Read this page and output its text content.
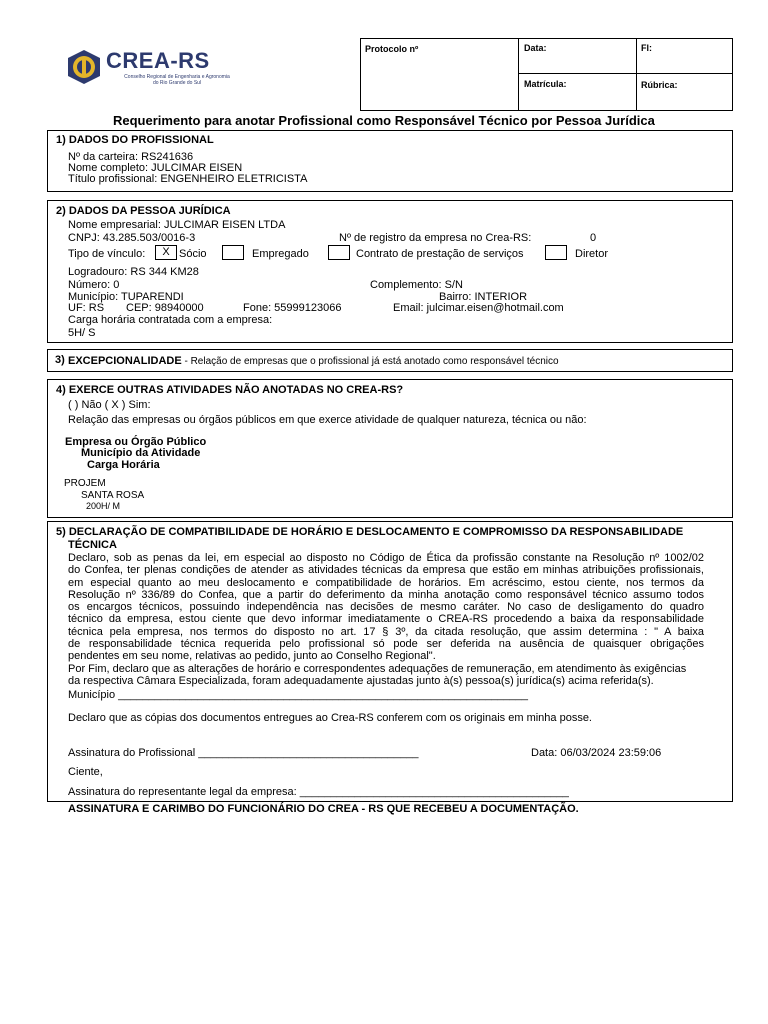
CREA-RS
Conselho Regional de Engenharia e Agronomia
do Rio Grande do Sul
Protocolo nº	Data:	Fl:
Matrícula:	Rúbrica:
Requerimento para anotar Profissional como Responsável Técnico por Pessoa Jurídica
1) DADOS DO PROFISSIONAL
Nº da carteira: RS241636
Nome completo: JULCIMAR EISEN
Título profissional: ENGENHEIRO ELETRICISTA
2) DADOS DA PESSOA JURÍDICA
Nome empresarial: JULCIMAR EISEN LTDA
CNPJ: 43.285.503/0016-3	Nº de registro da empresa no Crea-RS:	0
Tipo de vínculo:	X Sócio	Empregado	Contrato de prestação de serviços	Diretor
Logradouro: RS 344 KM28
Número: 0	Complemento: S/N
Município: TUPARENDI	Bairro: INTERIOR
UF: RS CEP: 98940000	Fone: 55999123066	Email: julcimar.eisen@hotmail.com
Carga horária contratada com a empresa:
5H/ S
3) EXCEPCIONALIDADE - Relação de empresas que o profissional já está anotado como responsável técnico
4) EXERCE OUTRAS ATIVIDADES NÃO ANOTADAS NO CREA-RS?
( ) Não ( X ) Sim:
Relação das empresas ou órgãos públicos em que exerce atividade de qualquer natureza, técnica ou não:
Empresa ou Órgão Público
Município da Atividade
Carga Horária
PROJEM
SANTA ROSA
200H/ M
5) DECLARAÇÃO DE COMPATIBILIDADE DE HORÁRIO E DESLOCAMENTO E COMPROMISSO DA RESPONSABILIDADE
TÉCNICA
Declaro, sob as penas da lei, em especial ao disposto no Código de Ética da profissão constante na Resolução nº 1002/02
do Confea, ter plenas condições de atender as atividades técnicas da empresa que estão em minhas atribuições profissionais,
em especial quanto ao meu deslocamento e compatibilidade de horários. Em acréscimo, estou ciente, nos termos da
Resolução nº 336/89 do Confea, que a partir do deferimento da minha anotação como responsável técnico assumo todos
os encargos técnicos, possuindo independência nas decisões de mesmo caráter. No caso de desligamento do quadro
técnico da empresa, estou ciente que devo informar imediatamente o CREA-RS procedendo a baixa da responsabilidade
técnica pela empresa, nos termos do disposto no art. 17 § 3º, da citada resolução, que assim determina : " A baixa
de responsabilidade técnica requerida pelo profissional só pode ser deferida na ausência de quaisquer obrigações
pendentes em seu nome, relativas ao pedido, junto ao Conselho Regional".
Por Fim, declaro que as alterações de horário e correspondentes adequações de remuneração, em atendimento às exigências
da respectiva Câmara Especializada, foram adequadamente ajustadas junto à(s) pessoa(s) jurídica(s) acima referida(s).
Município ___________________________________________________________________
Declaro que as cópias dos documentos entregues ao Crea-RS conferem com os originais em minha posse.
Assinatura do Profissional ____________________________________	Data: 06/03/2024 23:59:06
Ciente,
Assinatura do representante legal da empresa: ____________________________________________
ASSINATURA E CARIMBO DO FUNCIONÁRIO DO CREA - RS QUE RECEBEU A DOCUMENTAÇÃO.
